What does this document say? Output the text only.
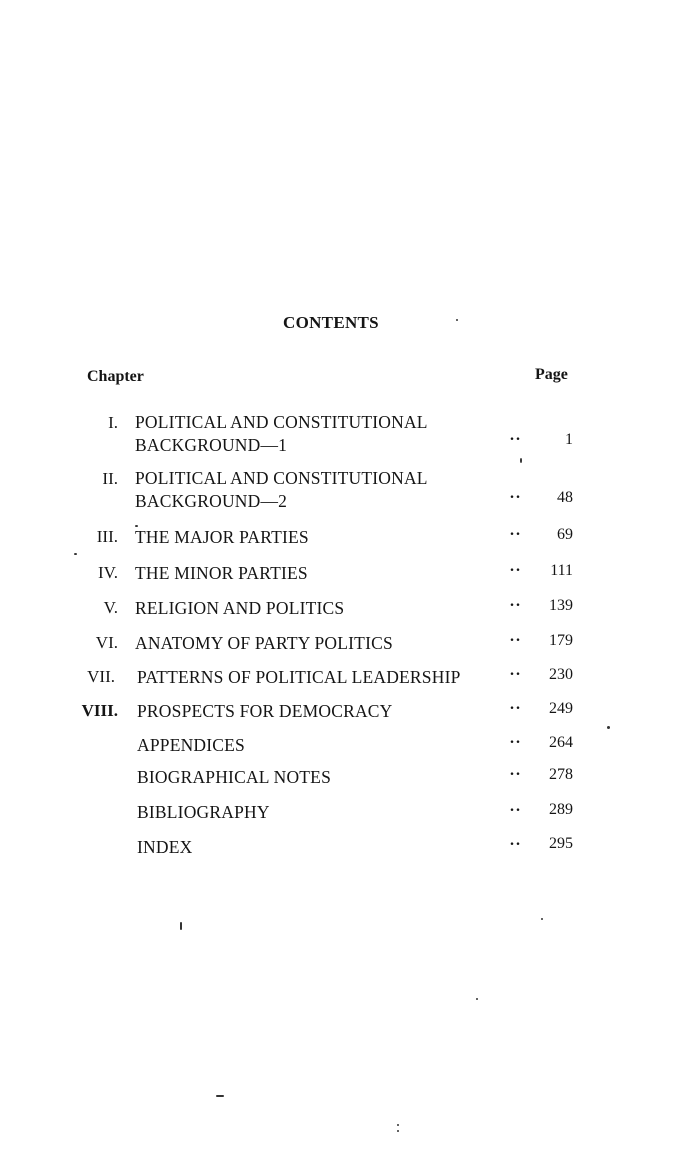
CONTENTS
Chapter	Page
I. POLITICAL AND CONSTITUTIONAL
BACKGROUND—1	..	1
II. POLITICAL AND CONSTITUTIONAL
BACKGROUND—2	.. 48
III. THE MAJOR PARTIES	.. 69
IV. THE MINOR PARTIES	.. 111
V. RELIGION AND POLITICS	.. 139
VI. ANATOMY OF PARTY POLITICS	.. 179
VII. PATTERNS OF POLITICAL LEADERSHIP	.. 230
VIII. PROSPECTS FOR DEMOCRACY	.. 249
APPENDICES	.. 264
BIOGRAPHICAL NOTES	.. 278
BIBLIOGRAPHY	.. 289
INDEX	.. 295
